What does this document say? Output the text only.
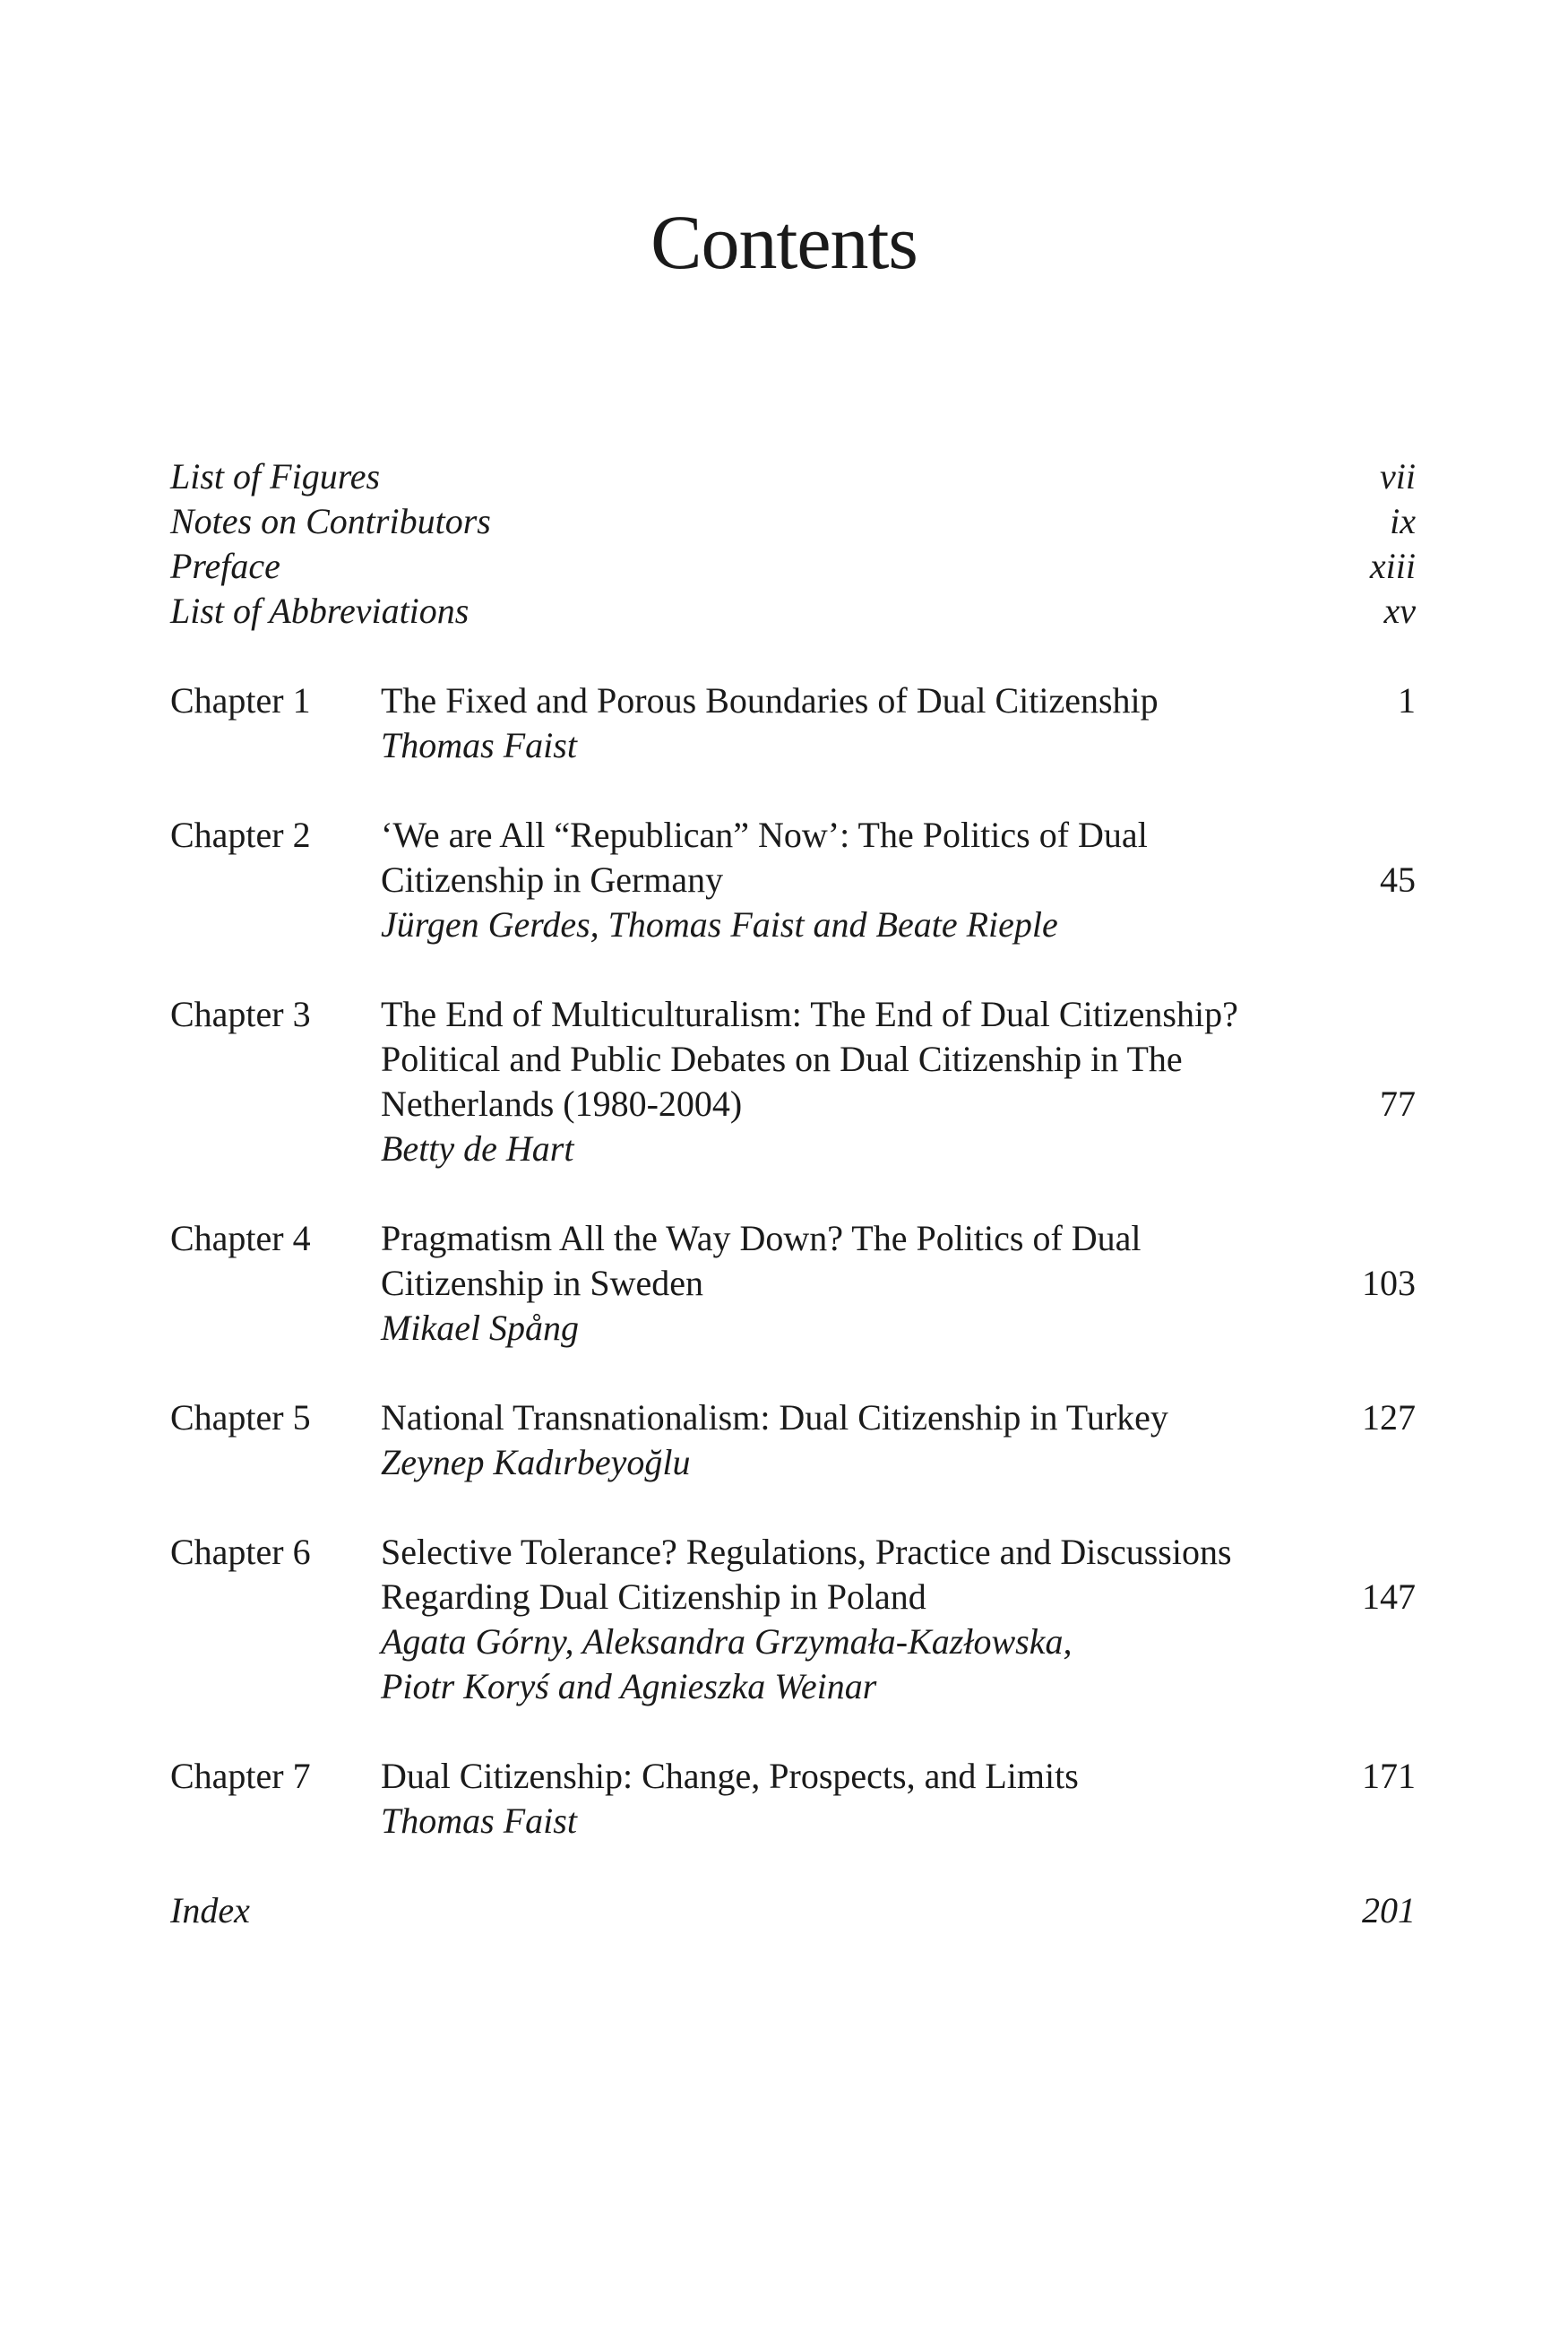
Contents
List of Figures	vii
Notes on Contributors	ix
Preface	xiii
List of Abbreviations	xv
Chapter 1 The Fixed and Porous Boundaries of Dual Citizenship	1
Thomas Faist
Chapter 2 ‘We are All “Republican” Now’: The Politics of Dual
Citizenship in Germany	45
Jürgen Gerdes, Thomas Faist and Beate Rieple
Chapter 3 The End of Multiculturalism: The End of Dual Citizenship?
Political and Public Debates on Dual Citizenship in The
Netherlands (1980-2004)	77
Betty de Hart
Chapter 4 Pragmatism All the Way Down? The Politics of Dual
Citizenship in Sweden	103
Mikael Spång
Chapter 5 National Transnationalism: Dual Citizenship in Turkey	127
Zeynep Kadırbeyoğlu
Chapter 6 Selective Tolerance? Regulations, Practice and Discussions
Regarding Dual Citizenship in Poland	147
Agata Górny, Aleksandra Grzymała-Kazłowska,
Piotr Koryś and Agnieszka Weinar
Chapter 7 Dual Citizenship: Change, Prospects, and Limits	171
Thomas Faist
Index	201
